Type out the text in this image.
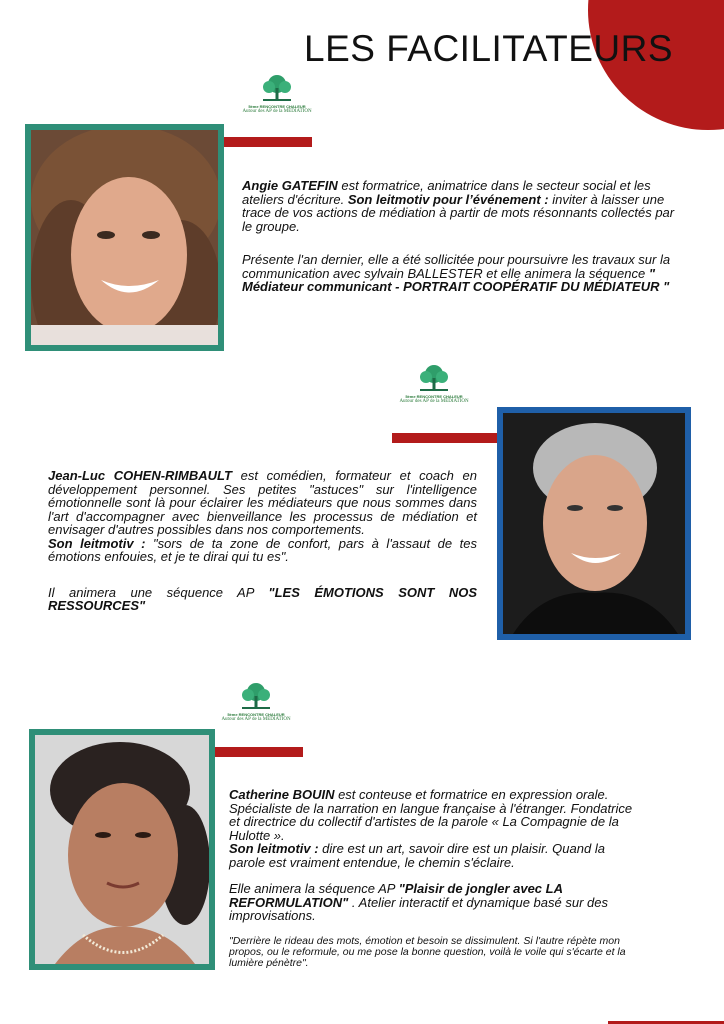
LES FACILITATEURS
5ème RENCONTRE CHALEUR
Autour des AP de la MÉDIATION
5ème RENCONTRE CHALEUR
Autour des AP de la MÉDIATION
5ème RENCONTRE CHALEUR
Autour des AP de la MÉDIATION

Angie GATEFIN est formatrice, animatrice dans le secteur social et les ateliers d'écriture. Son leitmotiv pour l’événement : inviter à laisser une trace de vos actions de médiation à partir de mots résonnants collectés par le groupe.

Présente l'an dernier, elle a été sollicitée pour poursuivre les travaux sur la communication avec sylvain BALLESTER et elle animera la séquence " Médiateur communicant - PORTRAIT COOPÉRATIF DU MÉDIATEUR "

Jean-Luc COHEN-RIMBAULT est comédien, formateur et coach en développement personnel. Ses petites "astuces" sur l'intelligence émotionnelle sont là pour éclairer les médiateurs que nous sommes dans l'art d'accompagner avec bienveillance les processus de médiation et envisager d'autres possibles dans nos comportements.

Son leitmotiv : "sors de ta zone de confort, pars à l'assaut de tes émotions enfouies, et je te dirai qui tu es".

Il animera une séquence AP "LES ÉMOTIONS SONT NOS RESSOURCES"

Catherine BOUIN est conteuse et formatrice en expression orale. Spécialiste de la narration en langue française à l'étranger. Fondatrice et directrice du collectif d'artistes de la parole « La Compagnie de la Hulotte ».

Son leitmotiv : dire est un art, savoir dire est un plaisir. Quand la parole est vraiment entendue, le chemin s'éclaire.

Elle animera la séquence AP "Plaisir de jongler avec LA REFORMULATION" . Atelier interactif et dynamique basé sur des improvisations.

"Derrière le rideau des mots, émotion et besoin se dissimulent. Si l'autre répète mon propos, ou le reformule, ou me pose la bonne question, voilà le voile qui s'écarte et la lumière pénètre".
